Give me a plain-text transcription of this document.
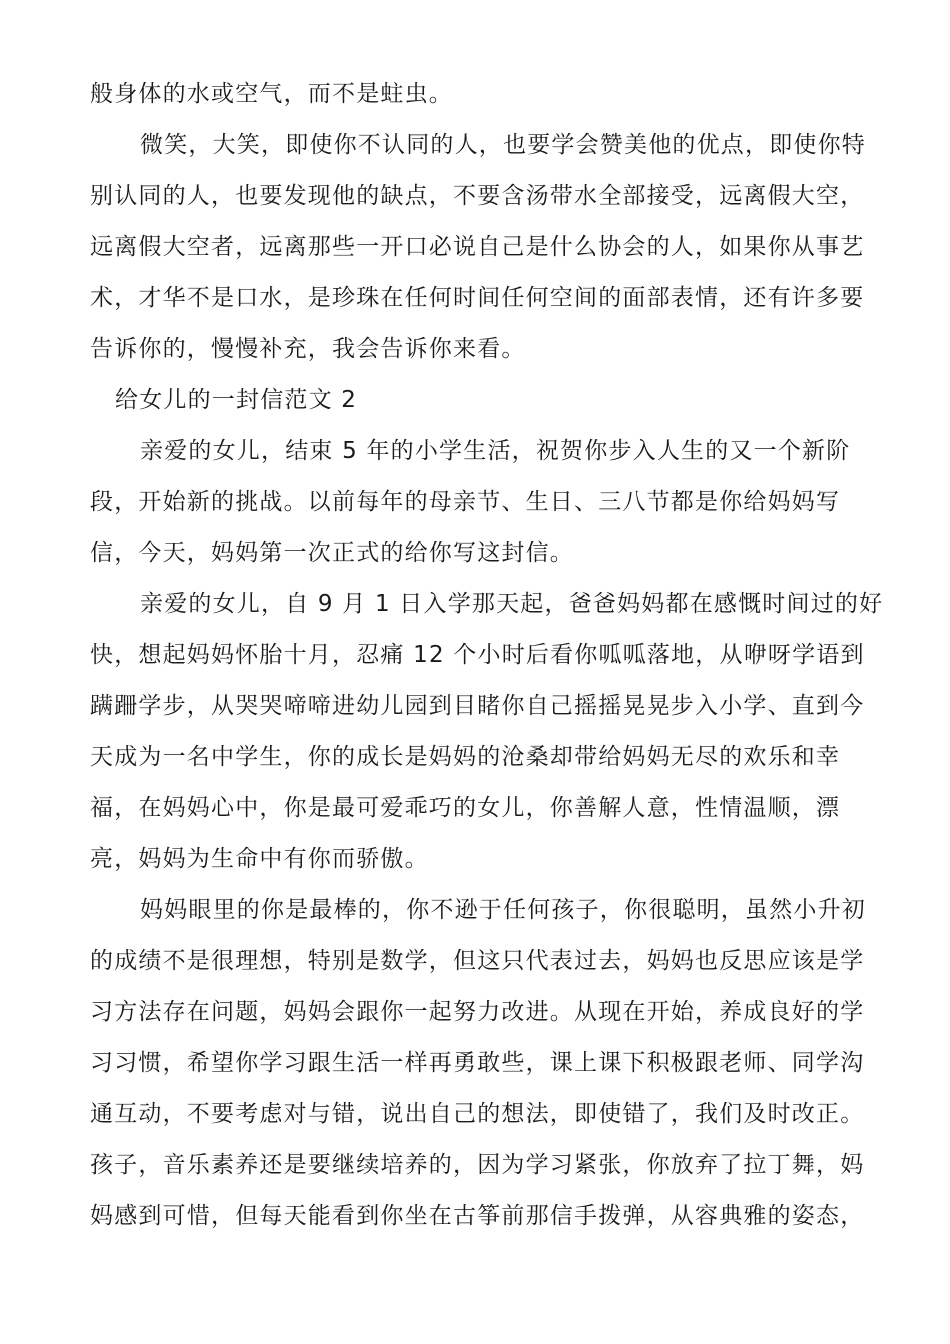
般身体的水或空气，而不是蛀虫。
微笑，大笑，即使你不认同的人，也要学会赞美他的优点，即使你特
别认同的人，也要发现他的缺点，不要含汤带水全部接受，远离假大空，
远离假大空者，远离那些一开口必说自己是什么协会的人，如果你从事艺
术，才华不是口水，是珍珠在任何时间任何空间的面部表情，还有许多要
告诉你的，慢慢补充，我会告诉你来看。
给女儿的一封信范文 2
亲爱的女儿，结束 5 年的小学生活，祝贺你步入人生的又一个新阶
段，开始新的挑战。以前每年的母亲节、生日、三八节都是你给妈妈写
信，今天，妈妈第一次正式的给你写这封信。
亲爱的女儿，自 9 月 1 日入学那天起，爸爸妈妈都在感慨时间过的好
快，想起妈妈怀胎十月，忍痛 12 个小时后看你呱呱落地，从咿呀学语到
蹒跚学步，从哭哭啼啼进幼儿园到目睹你自己摇摇晃晃步入小学、直到今
天成为一名中学生，你的成长是妈妈的沧桑却带给妈妈无尽的欢乐和幸
福，在妈妈心中，你是最可爱乖巧的女儿，你善解人意，性情温顺，漂
亮，妈妈为生命中有你而骄傲。
妈妈眼里的你是最棒的，你不逊于任何孩子，你很聪明，虽然小升初
的成绩不是很理想，特别是数学，但这只代表过去，妈妈也反思应该是学
习方法存在问题，妈妈会跟你一起努力改进。从现在开始，养成良好的学
习习惯，希望你学习跟生活一样再勇敢些，课上课下积极跟老师、同学沟
通互动，不要考虑对与错，说出自己的想法，即使错了，我们及时改正。
孩子，音乐素养还是要继续培养的，因为学习紧张，你放弃了拉丁舞，妈
妈感到可惜，但每天能看到你坐在古筝前那信手拨弹，从容典雅的姿态，
